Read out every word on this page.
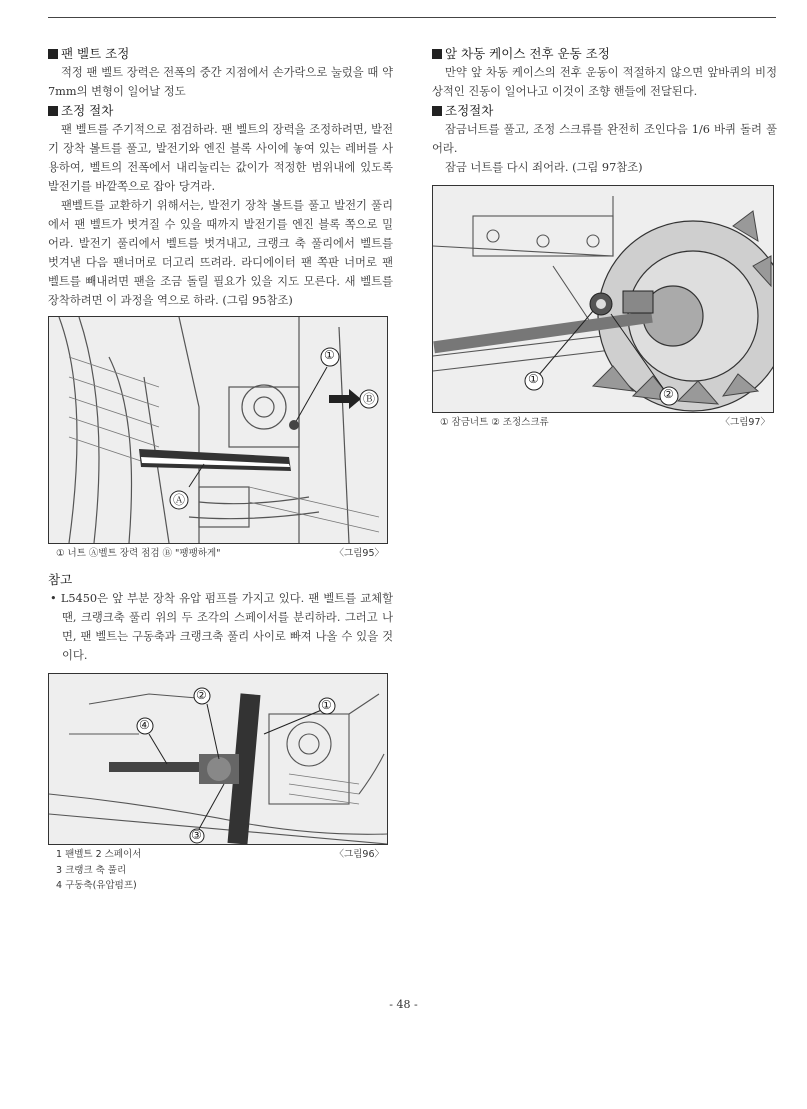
팬 벨트 조정

적정 팬 벨트 장력은 전폭의 중간 지점에서 손가락으로 눌렀을 때 약 7mm의 변형이 일어날 정도

조정 절차

팬 벨트를 주기적으로 점검하라. 팬 벨트의 장력을 조정하려면, 발전기 장착 볼트를 풀고, 발전기와 엔진 블록 사이에 놓여 있는 레버를 사용하여, 벨트의 전폭에서 내리눌리는 값이가 적정한 범위내에 있도록 발전기를 바깥쪽으로 잡아 당겨라.

팬벨트를 교환하기 위해서는, 발전기 장착 볼트를 풀고 발전기 풀리에서 팬 벨트가 벗겨질 수 있을 때까지 발전기를 엔진 블록 쪽으로 밀어라. 발전기 풀리에서 벨트를 벗겨내고, 크랭크 축 풀리에서 벨트를 벗겨낸 다음 팬너머로 더고리 뜨려라. 라디에이터 팬 쪽판 너머로 팬 벨트를 빼내려면 팬을 조금 돌릴 필요가 있을 지도 모른다. 새 벨트를 장착하려면 이 과정을 역으로 하라. (그림 95참조)

①
Ⓑ
Ⓐ
① 너트 Ⓐ벨트 장력 점검 Ⓑ "팽팽하게"	〈그림95〉

참고

• L5450은 앞 부분 장착 유압 펌프를 가지고 있다. 팬 벨트를 교체할 땐, 크랭크축 풀리 위의 두 조각의 스페이서를 분리하라. 그러고 나면, 팬 벨트는 구동축과 크랭크축 풀리 사이로 빠져 나올 수 있을 것이다.

④
②
①
③
1 팬벨트 2 스페이서	〈그림96〉
3 크랭크 축 풀리
4 구동축(유압펌프)

앞 차동 케이스 전후 운동 조정

만약 앞 차동 케이스의 전후 운동이 적절하지 않으면 앞바퀴의 비정상적인 진동이 일어나고 이것이 조향 핸들에 전달된다.

조정절차

잠금너트를 풀고, 조정 스크류를 완전히 조인다음 1/6 바퀴 돌려 풀어라.

잠금 너트를 다시 죄어라. (그림 97참조)

①
②
① 잠금너트 ② 조정스크류	〈그림97〉
- 48 -
